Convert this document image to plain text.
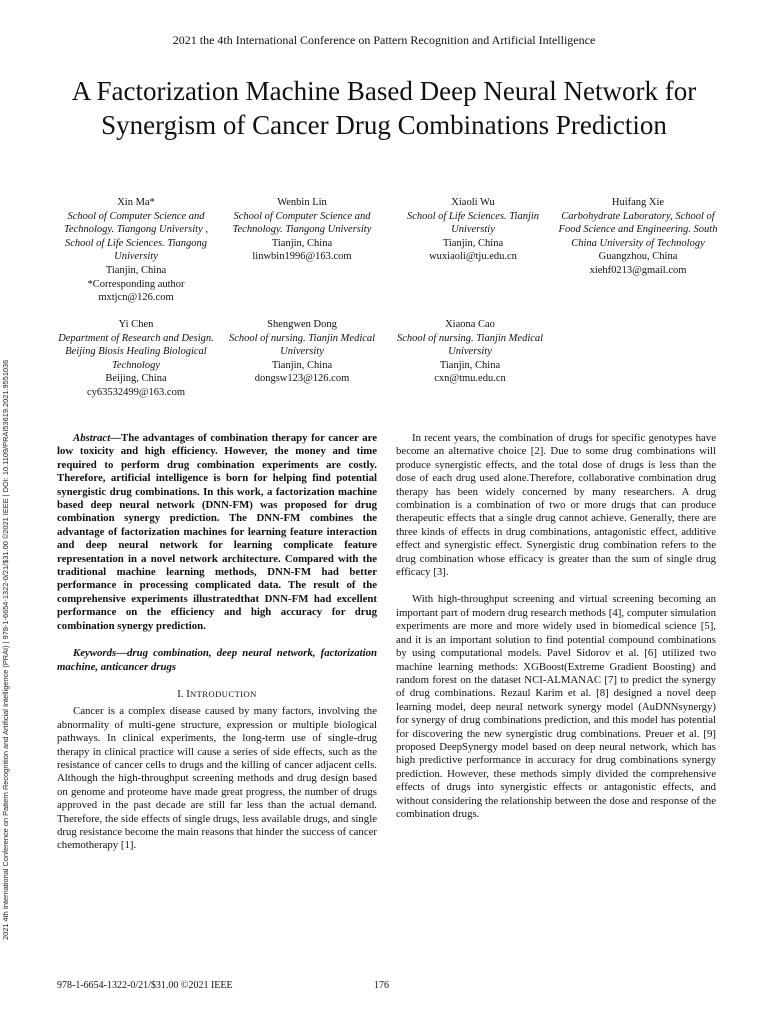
2021 the 4th International Conference on Pattern Recognition and Artificial Intelligence
A Factorization Machine Based Deep Neural Network for Synergism of Cancer Drug Combinations Prediction
2021 4th International Conference on Pattern Recognition and Artificial Intelligence (PRAI) | 978-1-6654-1322-0/21/$31.00 ©2021 IEEE | DOI: 10.1109/PRAI53619.2021.9551036
Xin Ma*
School of Computer Science and Technology. Tiangong University , School of Life Sciences. Tiangong University
Tianjin, China
*Corresponding author
mxtjcn@126.com
Wenbin Lin
School of Computer Science and Technology. Tiangong University
Tianjin, China
linwbin1996@163.com
Xiaoli Wu
School of Life Sciences. Tianjin Universtiy
Tianjin, China
wuxiaoli@tju.edu.cn
Huifang Xie
Carbohydrate Laboratory, School of Food Science and Engineering. South China University of Technology
Guangzhou, China
xiehf0213@gmail.com
Yi Chen
Department of Research and Design. Beijing Biosis Healing Biological Technology
Beijing, China
cy63532499@163.com
Shengwen Dong
School of nursing. Tianjin Medical University
Tianjin, China
dongsw123@126.com
Xiaona Cao
School of nursing. Tianjin Medical University
Tianjin, China
cxn@tmu.edu.cn

Abstract—The advantages of combination therapy for cancer are low toxicity and high efficiency. However, the money and time required to perform drug combination experiments are costly. Therefore, artificial intelligence is born for helping find potential synergistic drug combinations. In this work, a factorization machine based deep neural network (DNN-FM) was proposed for drug combination synergy prediction. The DNN-FM combines the advantage of factorization machines for learning feature interaction and deep neural network for learning complicate feature representation in a novel network architecture. Compared with the traditional machine learning methods, DNN-FM had better performance in processing complicated data. The result of the comprehensive experiments illustratedthat DNN-FM had excellent performance on the efficiency and high accuracy for drug combination synergy prediction.

Keywords—drug combination, deep neural network, factorization machine, anticancer drugs

I. INTRODUCTION

Cancer is a complex disease caused by many factors, involving the abnormality of multi-gene structure, expression or multiple biological pathways. In clinical experiments, the long-term use of single-drug therapy in clinical practice will cause a series of side effects, such as the resistance of cancer cells to drugs and the killing of cancer adjacent cells. Although the high-throughput screening methods and drug design based on genome and proteome have made great progress, the number of drugs approved in the past decade are still far less than the actual demand. Therefore, the side effects of single drugs, less available drugs, and single drug resistance become the main reasons that hinder the success of cancer chemotherapy [1].

In recent years, the combination of drugs for specific genotypes have become an alternative choice [2]. Due to some drug combinations will produce synergistic effects, and the total dose of drugs is less than the dose of each drug used alone.Therefore, collaborative combination drug therapy has been widely concerned by many researchers. A drug combination is a combination of two or more drugs that can produce therapeutic effects that a single drug cannot achieve. Generally, there are three kinds of effects in drug combinations, antagonistic effect, additive effect and synergistic effect. Synergistic drug combination refers to the drug combination whose efficacy is greater than the sum of single drug efficacy [3].

With high-throughput screening and virtual screening becoming an important part of modern drug research methods [4], computer simulation experiments are more and more widely used in biomedical science [5], and it is an important solution to find potential compound combinations by using computational models. Pavel Sidorov et al. [6] utilized two machine learning methods: XGBoost(Extreme Gradient Boosting) and random forest on the dataset NCI-ALMANAC [7] to predict the synergy of drug combinations. Rezaul Karim et al. [8] designed a novel deep learning model, deep neural network synergy model (AuDNNsynergy) for synergy of drug combinations prediction, and this model has potential for discovering the new synergistic drug combinations. Preuer et al. [9] proposed DeepSynergy model based on deep neural network, which has high predictive performance in accuracy for drug combinations synergy prediction. However, these methods simply divided the comprehensive effects of drugs into synergistic effects or antagonistic effects, and without considering the relationship between the dose and response of the combination drugs.

978-1-6654-1322-0/21/$31.00 ©2021 IEEE	176
